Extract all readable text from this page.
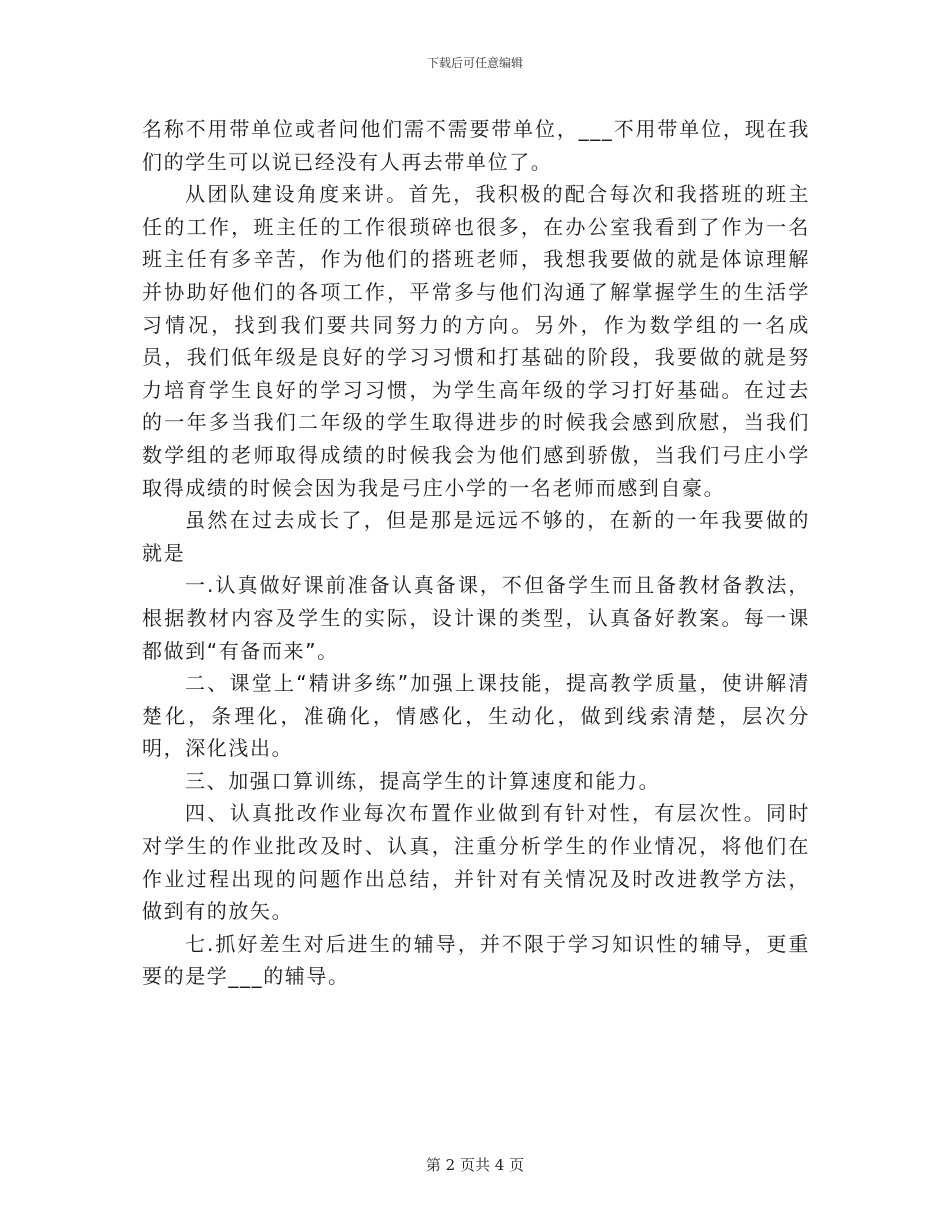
下载后可任意编辑

名称不用带单位或者问他们需不需要带单位，___不用带单位，现在我们的学生可以说已经没有人再去带单位了。

从团队建设角度来讲。首先，我积极的配合每次和我搭班的班主任的工作，班主任的工作很琐碎也很多，在办公室我看到了作为一名班主任有多辛苦，作为他们的搭班老师，我想我要做的就是体谅理解并协助好他们的各项工作，平常多与他们沟通了解掌握学生的生活学习情况，找到我们要共同努力的方向。另外，作为数学组的一名成员，我们低年级是良好的学习习惯和打基础的阶段，我要做的就是努力培育学生良好的学习习惯，为学生高年级的学习打好基础。在过去的一年多当我们二年级的学生取得进步的时候我会感到欣慰，当我们数学组的老师取得成绩的时候我会为他们感到骄傲，当我们弓庄小学取得成绩的时候会因为我是弓庄小学的一名老师而感到自豪。

虽然在过去成长了，但是那是远远不够的，在新的一年我要做的就是

一.认真做好课前准备认真备课，不但备学生而且备教材备教法，根据教材内容及学生的实际，设计课的类型，认真备好教案。每一课都做到“有备而来”。

二、课堂上“精讲多练”加强上课技能，提高教学质量，使讲解清楚化，条理化，准确化，情感化，生动化，做到线索清楚，层次分明，深化浅出。

三、加强口算训练，提高学生的计算速度和能力。

四、认真批改作业每次布置作业做到有针对性，有层次性。同时对学生的作业批改及时、认真，注重分析学生的作业情况，将他们在作业过程出现的问题作出总结，并针对有关情况及时改进教学方法，做到有的放矢。

七.抓好差生对后进生的辅导，并不限于学习知识性的辅导，更重要的是学___的辅导。

第 2 页共 4 页
